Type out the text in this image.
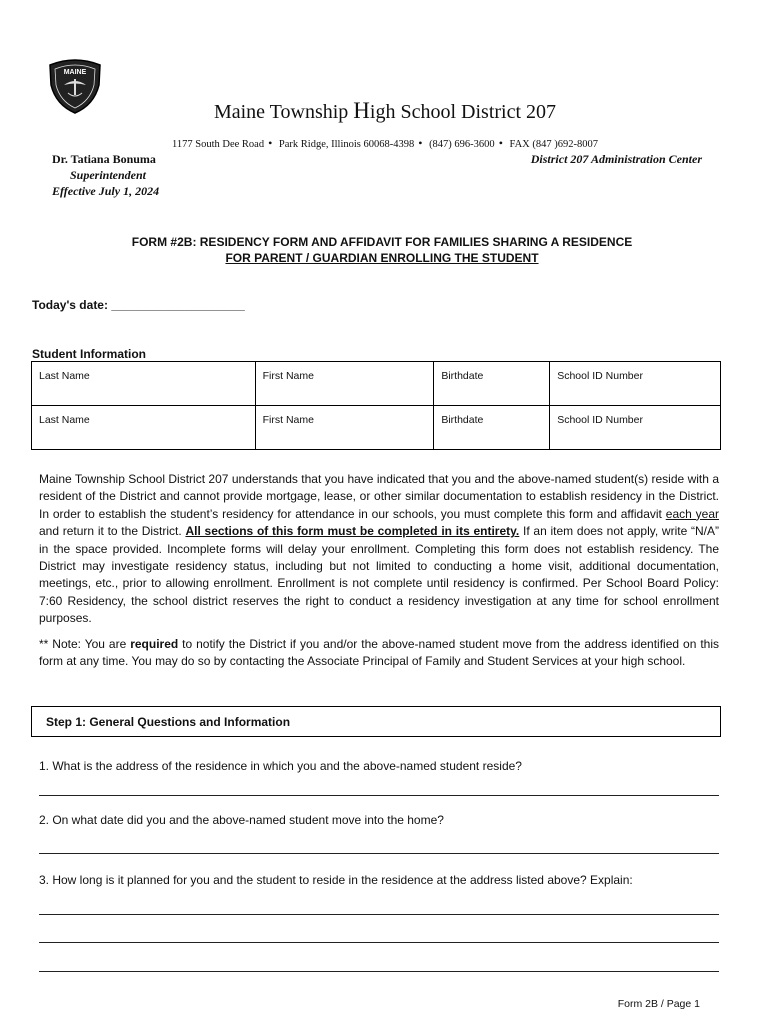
MAINE
Maine Township High School District 207
1177 South Dee Road • Park Ridge, Illinois 60068-4398 • (847) 696-3600 • FAX (847 )692-8007
Dr. Tatiana Bonuma
Superintendent
Effective July 1, 2024
District 207 Administration Center
FORM #2B: RESIDENCY FORM AND AFFIDAVIT FOR FAMILIES SHARING A RESIDENCE
FOR PARENT / GUARDIAN ENROLLING THE STUDENT
Today's date: ____________________
Student Information
Last Name	First Name	Birthdate	School ID Number
Last Name	First Name	Birthdate	School ID Number
Maine Township School District 207 understands that you have indicated that you and the above-named student(s) reside with a resident of the District and cannot provide mortgage, lease, or other similar documentation to establish residency in the District. In order to establish the student’s residency for attendance in our schools, you must complete this form and affidavit each year and return it to the District. All sections of this form must be completed in its entirety. If an item does not apply, write “N/A” in the space provided. Incomplete forms will delay your enrollment. Completing this form does not establish residency. The District may investigate residency status, including but not limited to conducting a home visit, additional documentation, meetings, etc., prior to allowing enrollment. Enrollment is not complete until residency is confirmed. Per School Board Policy: 7:60 Residency, the school district reserves the right to conduct a residency investigation at any time for school enrollment purposes.
** Note: You are required to notify the District if you and/or the above-named student move from the address identified on this form at any time. You may do so by contacting the Associate Principal of Family and Student Services at your high school.
Step 1: General Questions and Information
1. What is the address of the residence in which you and the above-named student reside?
2. On what date did you and the above-named student move into the home?
3. How long is it planned for you and the student to reside in the residence at the address listed above? Explain:
Form 2B / Page 1
